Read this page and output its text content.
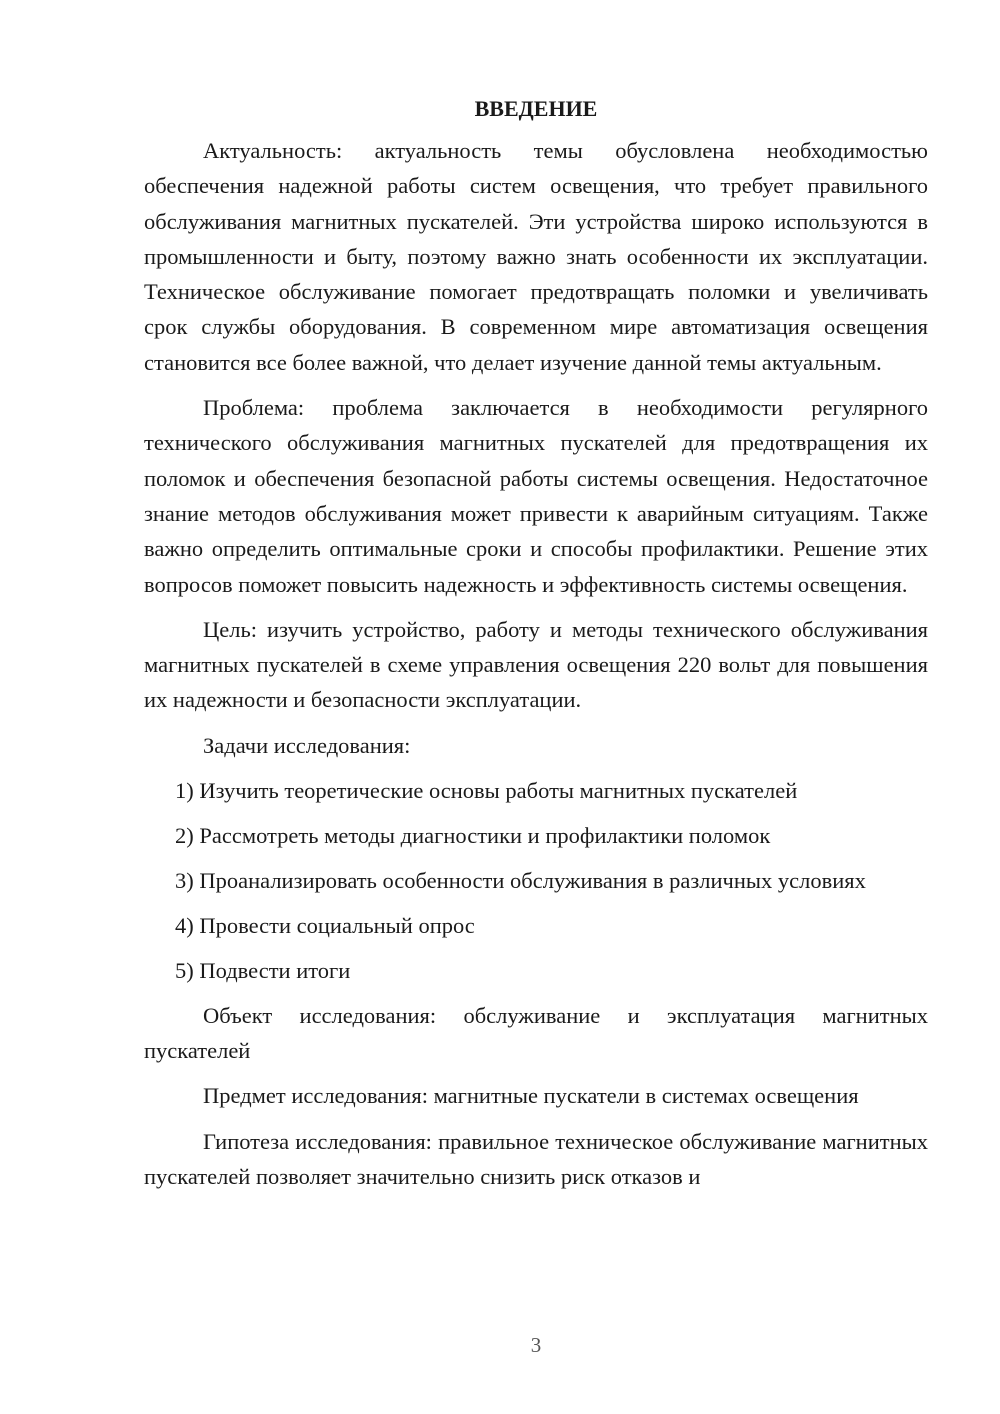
ВВЕДЕНИЕ

Актуальность: актуальность темы обусловлена необходимостью обеспечения надежной работы систем освещения, что требует правильного обслуживания магнитных пускателей. Эти устройства широко используются в промышленности и быту, поэтому важно знать особенности их эксплуатации. Техническое обслуживание помогает предотвращать поломки и увеличивать срок службы оборудования. В современном мире автоматизация освещения становится все более важной, что делает изучение данной темы актуальным.

Проблема: проблема заключается в необходимости регулярного технического обслуживания магнитных пускателей для предотвращения их поломок и обеспечения безопасной работы системы освещения. Недостаточное знание методов обслуживания может привести к аварийным ситуациям. Также важно определить оптимальные сроки и способы профилактики. Решение этих вопросов поможет повысить надежность и эффективность системы освещения.

Цель: изучить устройство, работу и методы технического обслуживания магнитных пускателей в схеме управления освещения 220 вольт для повышения их надежности и безопасности эксплуатации.

Задачи исследования:

1) Изучить теоретические основы работы магнитных пускателей

2) Рассмотреть методы диагностики и профилактики поломок

3) Проанализировать особенности обслуживания в различных условиях

4) Провести социальный опрос

5) Подвести итоги

Объект исследования: обслуживание и эксплуатация магнитных пускателей

Предмет исследования: магнитные пускатели в системах освещения

Гипотеза исследования: правильное техническое обслуживание магнитных пускателей позволяет значительно снизить риск отказов и

3
